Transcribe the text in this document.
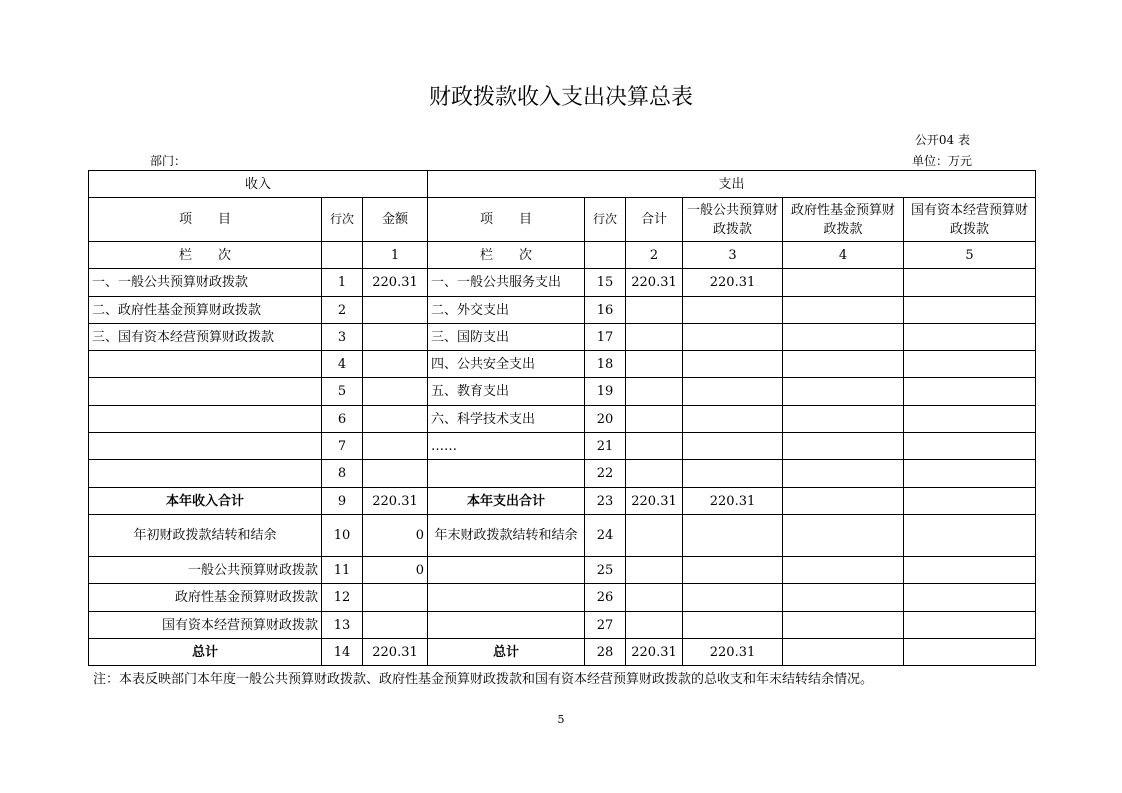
财政拨款收入支出决算总表
公开04 表
部门：	单位：万元
收入			支出					
项　　目	行次	金额	项　　目	行次	合计	一般公共预算财政拨款	政府性基金预算财政拨款	国有资本经营预算财政拨款
栏　　次		1	栏　　次		2	3	4	5
一、一般公共预算财政拨款	1	220.31	一、一般公共服务支出	15	220.31	220.31		
二、政府性基金预算财政拨款	2		二、外交支出	16				
三、国有资本经营预算财政拨款	3		三、国防支出	17				
	4		四、公共安全支出	18				
	5		五、教育支出	19				
	6		六、科学技术支出	20				
	7		……	21				
	8			22				
本年收入合计	9	220.31	本年支出合计	23	220.31	220.31		
年初财政拨款结转和结余	10	0	年末财政拨款结转和结余	24				
一般公共预算财政拨款	11	0		25				
政府性基金预算财政拨款	12			26				
国有资本经营预算财政拨款	13			27				
总计	14	220.31	总计	28	220.31	220.31		
注：本表反映部门本年度一般公共预算财政拨款、政府性基金预算财政拨款和国有资本经营预算财政拨款的总收支和年末结转结余情况。
5
